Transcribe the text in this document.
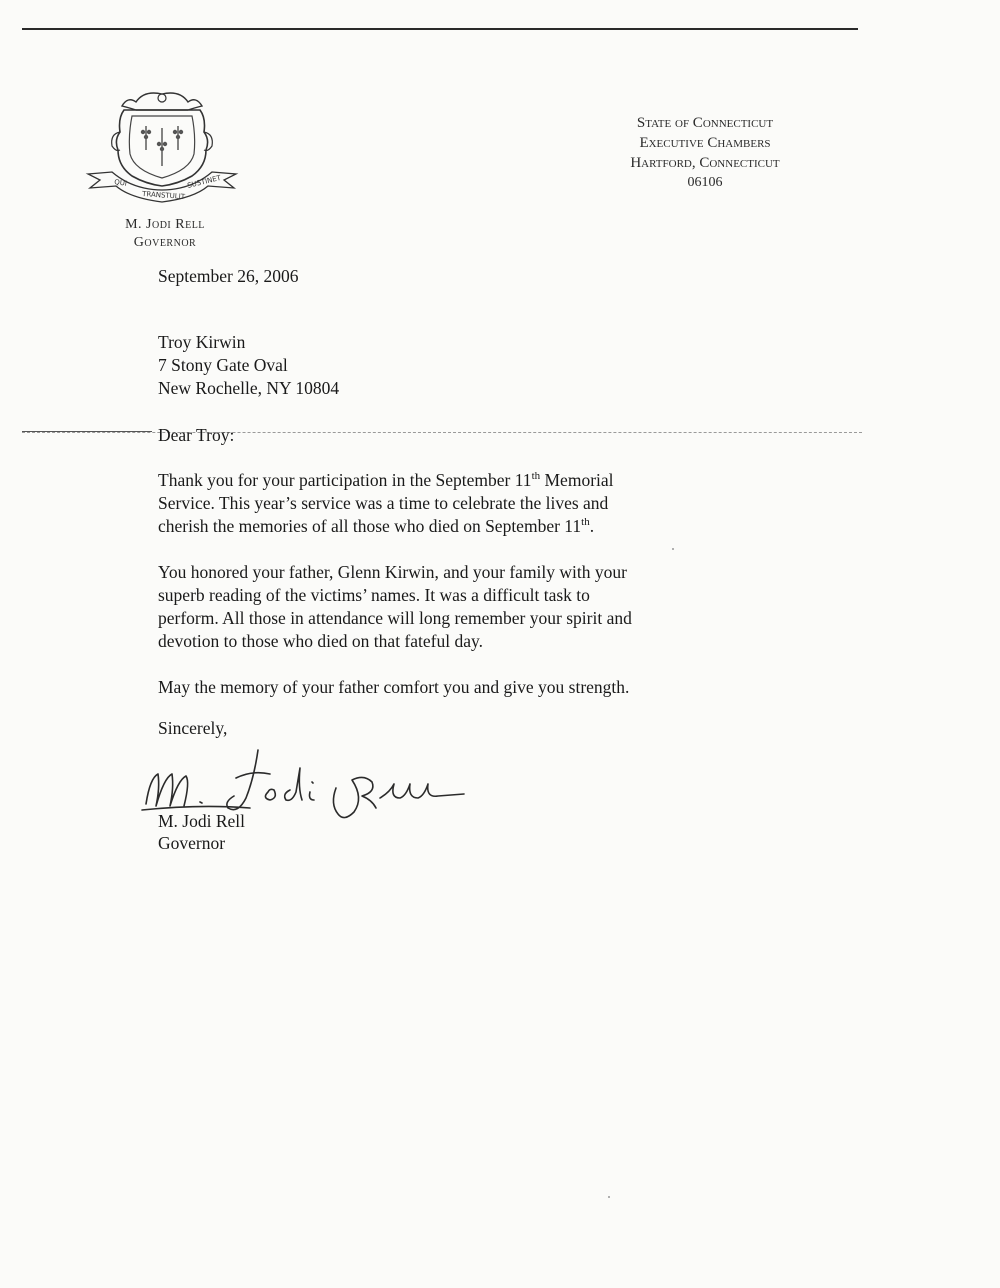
QUI
TRANSTULIT
SUSTINET
M. Jodi Rell
Governor
State of Connecticut
Executive Chambers
Hartford, Connecticut
06106
September 26, 2006
Troy Kirwin
7 Stony Gate Oval
New Rochelle, NY 10804
Dear Troy:
Thank you for your participation in the September 11th Memorial
Service. This year’s service was a time to celebrate the lives and
cherish the memories of all those who died on September 11th.
You honored your father, Glenn Kirwin, and your family with your
superb reading of the victims’ names. It was a difficult task to
perform. All those in attendance will long remember your spirit and
devotion to those who died on that fateful day.
May the memory of your father comfort you and give you strength.
Sincerely,
M. Jodi Rell
Governor
